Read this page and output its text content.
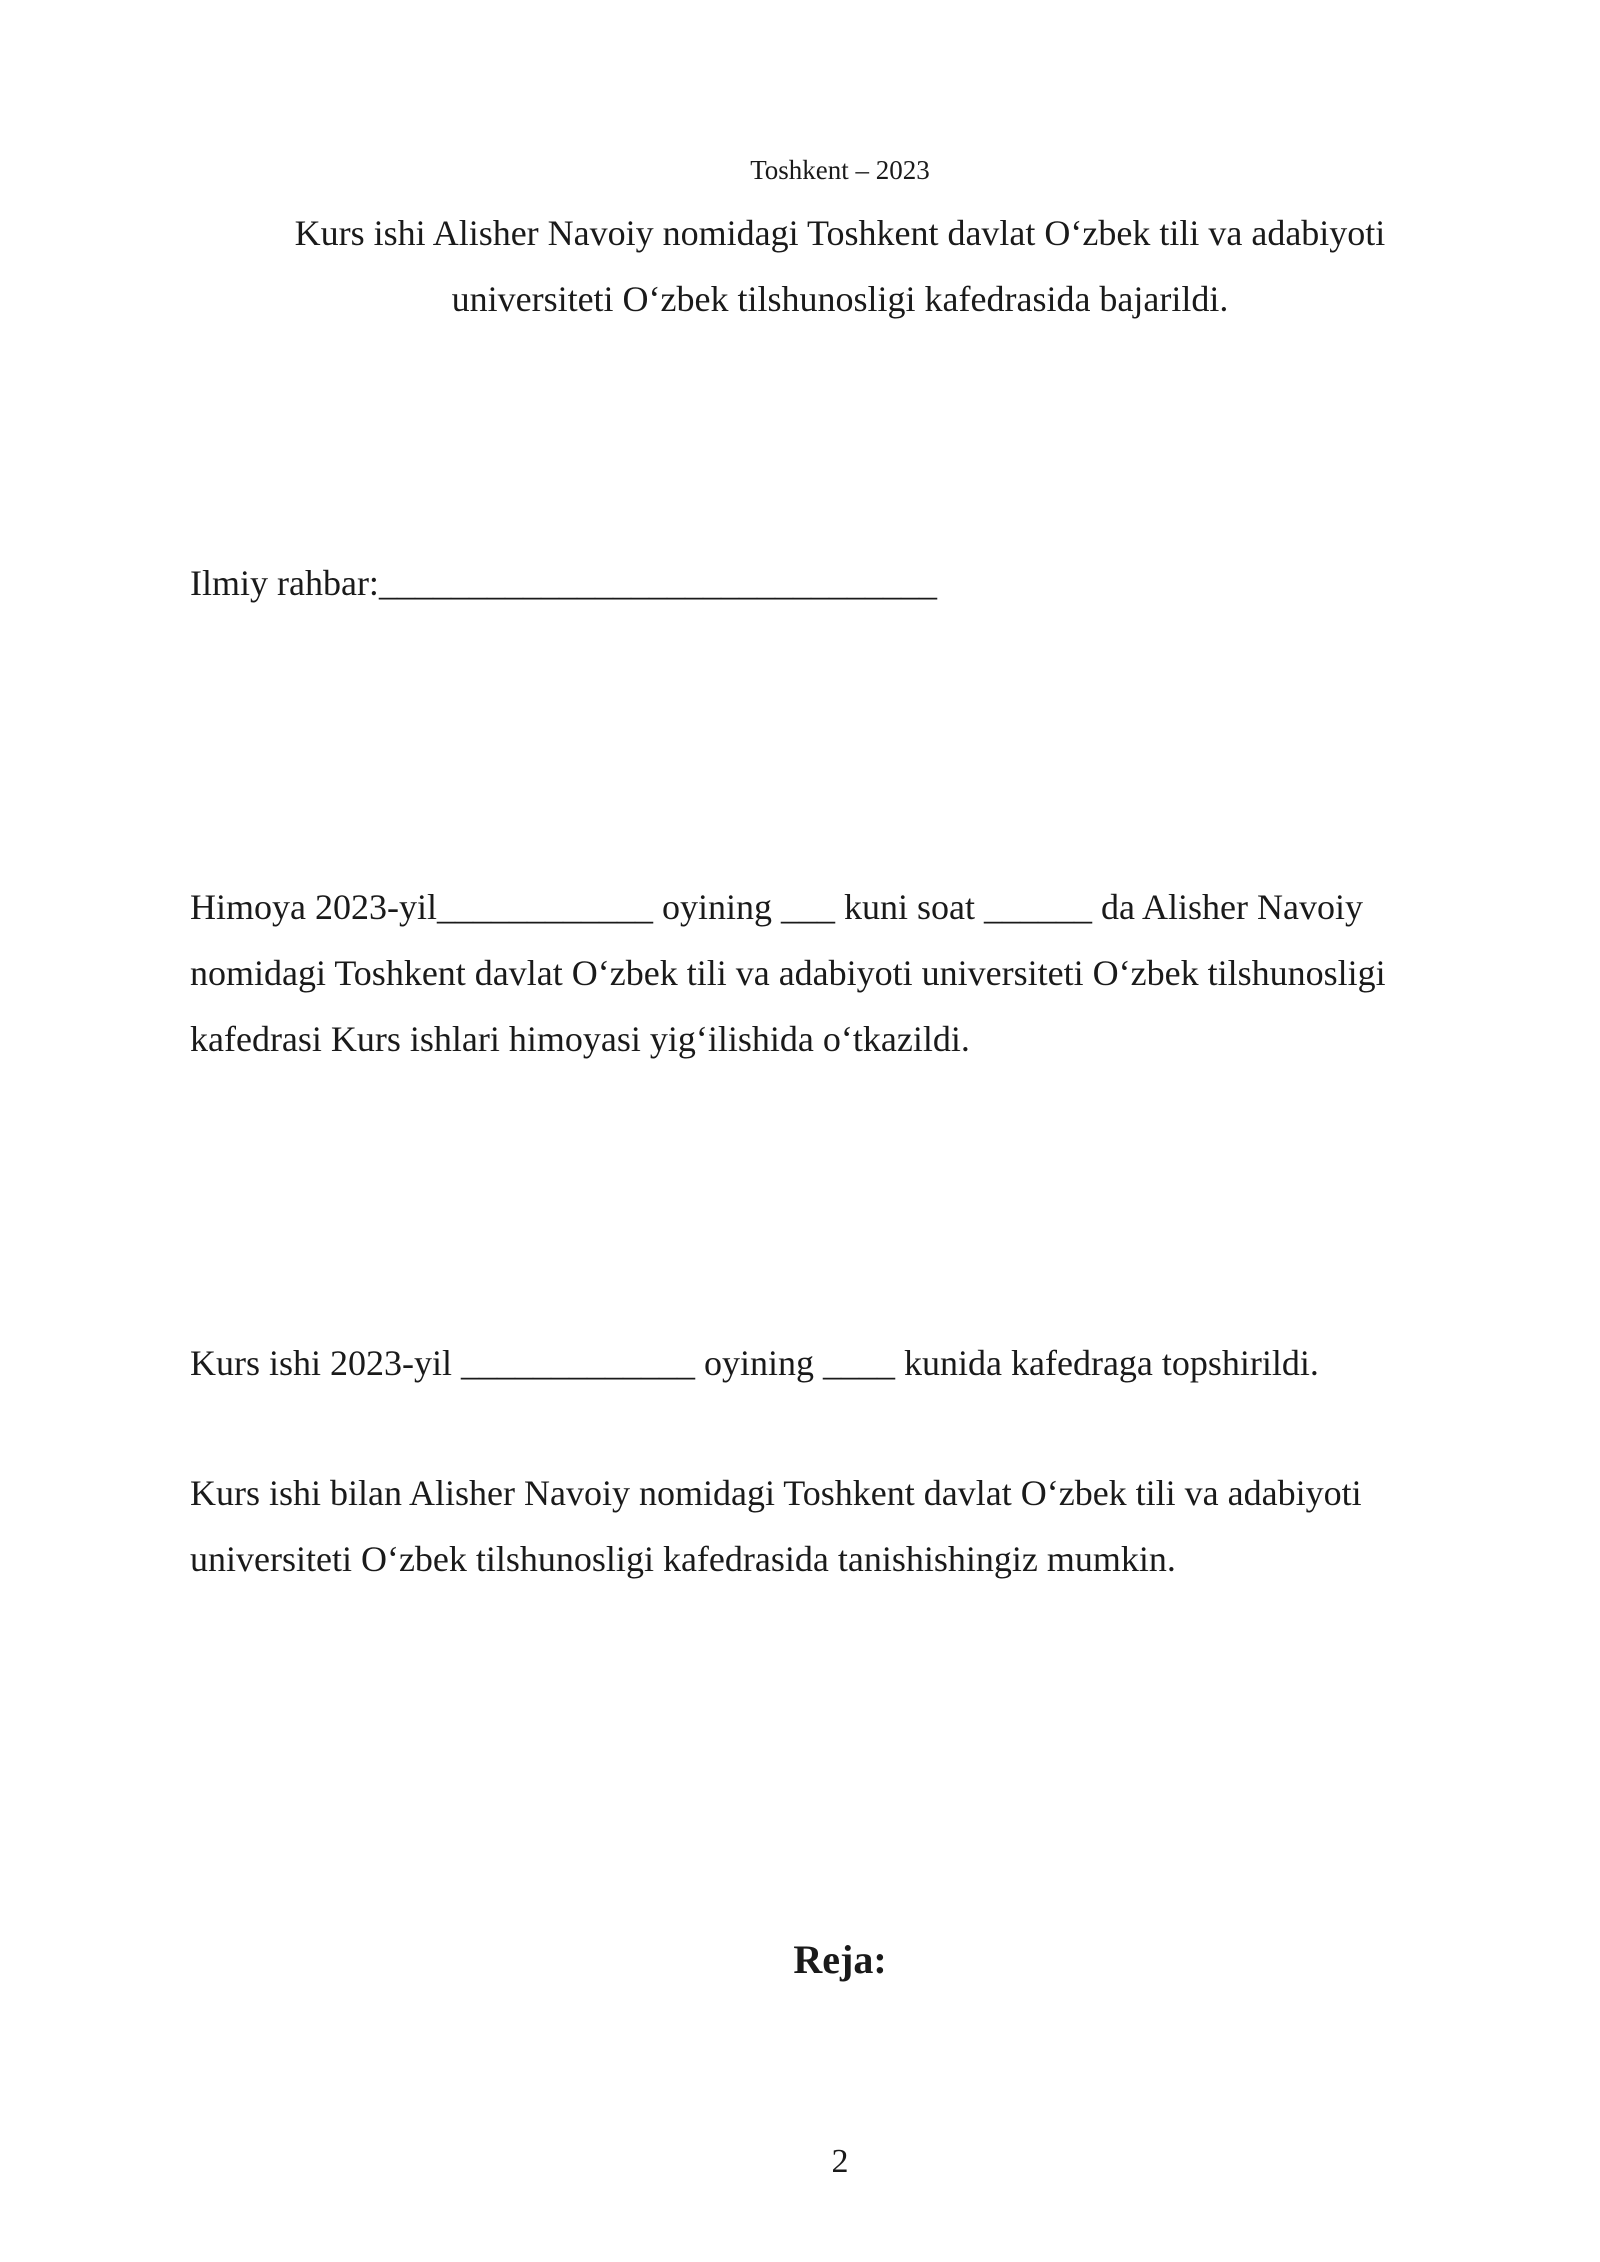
Toshkent – 2023

Kurs ishi Alisher Navoiy nomidagi Toshkent davlat O‘zbek tili va adabiyoti universiteti O‘zbek tilshunosligi kafedrasida bajarildi.

Ilmiy rahbar:_______________________________

Himoya 2023-yil____________ oyining ___ kuni soat ______ da Alisher Navoiy nomidagi Toshkent davlat O‘zbek tili va adabiyoti universiteti O‘zbek tilshunosligi kafedrasi Kurs ishlari himoyasi yig‘ilishida o‘tkazildi.

Kurs ishi 2023-yil _____________ oyining ____ kunida kafedraga topshirildi.

Kurs ishi bilan Alisher Navoiy nomidagi Toshkent davlat O‘zbek tili va adabiyoti universiteti O‘zbek tilshunosligi kafedrasida tanishishingiz mumkin.

Reja:
2
